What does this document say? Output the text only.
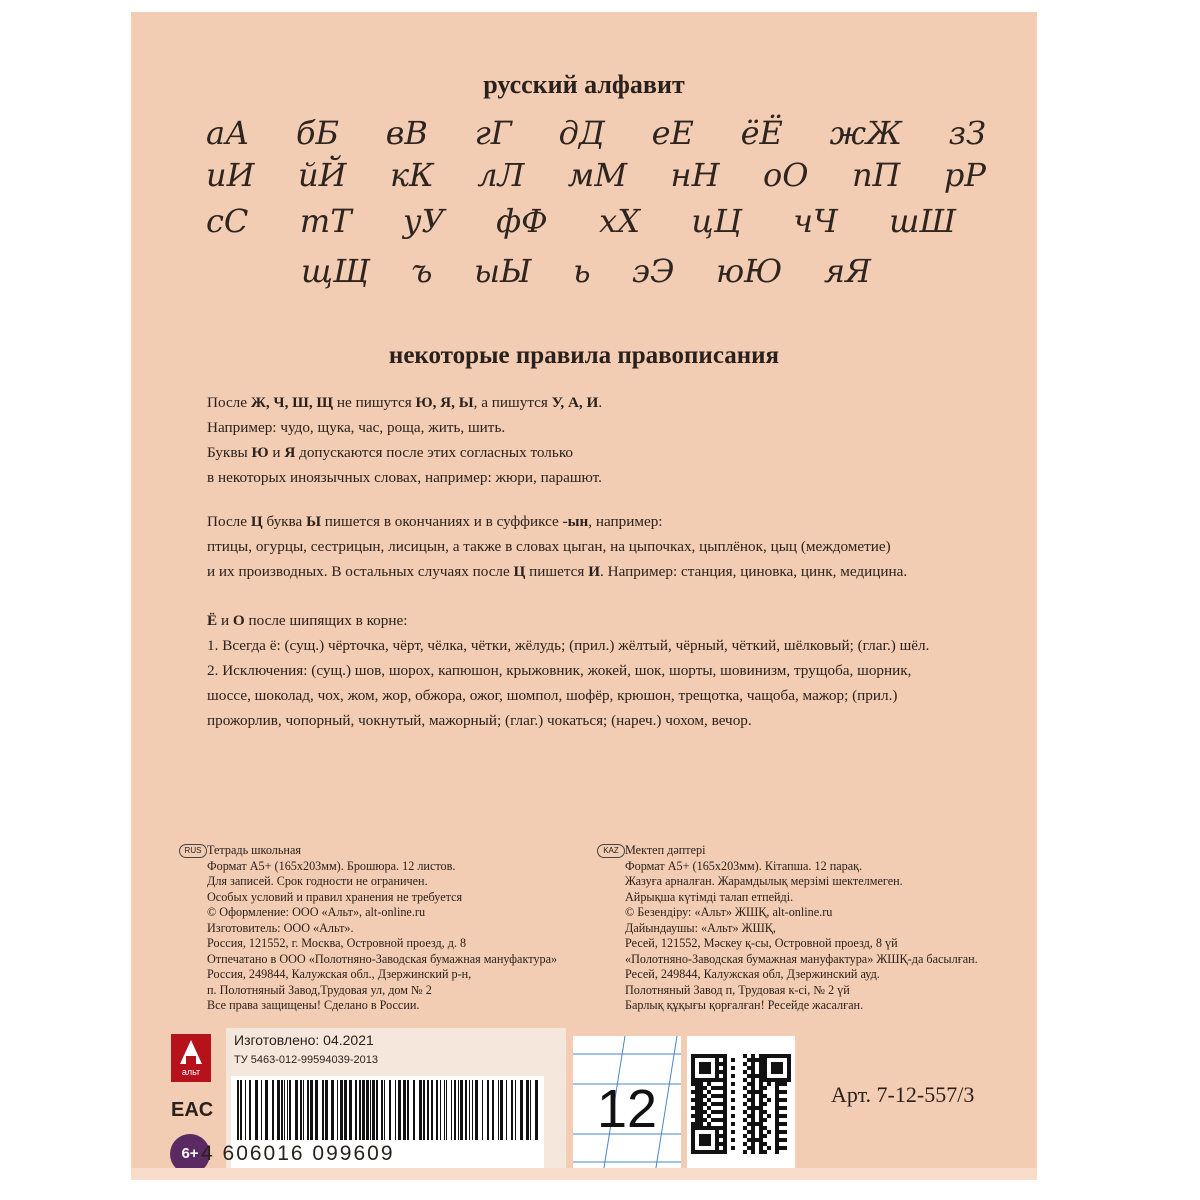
русский алфавит
аА бБ вВ гГ дД еЕ ёЁ жЖ зЗ
иИ йЙ кК лЛ мМ нН оО пП рР
сС тТ уУ фФ хХ цЦ чЧ шШ
щЩ ъ ыЫ ь эЭ юЮ яЯ
некоторые правила правописания
После Ж, Ч, Ш, Щ не пишутся Ю, Я, Ы, а пишутся У, А, И.
Например: чудо, щука, час, роща, жить, шить.
Буквы Ю и Я допускаются после этих согласных только
в некоторых иноязычных словах, например: жюри, парашют.
После Ц буква Ы пишется в окончаниях и в суффиксе -ын, например:
птицы, огурцы, сестрицын, лисицын, а также в словах цыган, на цыпочках, цыплёнок, цыц (междометие)
и их производных. В остальных случаях после Ц пишется И. Например: станция, циновка, цинк, медицина.
Ё и О после шипящих в корне:
1. Всегда ё: (сущ.) чёрточка, чёрт, чёлка, чётки, жёлудь; (прил.) жёлтый, чёрный, чёткий, шёлковый; (глаг.) шёл.
2. Исключения: (сущ.) шов, шорох, капюшон, крыжовник, жокей, шок, шорты, шовинизм, трущоба, шорник,
шоссе, шоколад, чох, жом, жор, обжора, ожог, шомпол, шофёр, крюшон, трещотка, чащоба, мажор; (прил.)
прожорлив, чопорный, чокнутый, мажорный; (глаг.) чокаться; (нареч.) чохом, вечор.
RUS Тетрадь школьная
Формат А5+ (165х203мм). Брошюра. 12 листов.
Для записей. Срок годности не ограничен.
Особых условий и правил хранения не требуется
© Оформление: ООО «Альт», alt-online.ru
Изготовитель: ООО «Альт».
Россия, 121552, г. Москва, Островной проезд, д. 8
Отпечатано в ООО «Полотняно-Заводская бумажная мануфактура»
Россия, 249844, Калужская обл., Дзержинский р-н,
п. Полотняный Завод,Трудовая ул, дом № 2
Все права защищены! Сделано в России.
KAZ Мектеп дәптері
Формат А5+ (165х203мм). Кітапша. 12 парақ.
Жазуға арналған. Жарамдылық мерзімі шектелмеген.
Айрықша күтімді талап етпейді.
© Безендіру: «Альт» ЖШҚ, alt-online.ru
Дайындаушы: «Альт» ЖШҚ,
Ресей, 121552, Мәскеу қ-сы, Островной проезд, 8 үй
«Полотняно-Заводская бумажная мануфактура» ЖШҚ-да басылған.
Ресей, 249844, Калужская обл, Дзержинский ауд.
Полотняный Завод п, Трудовая к-сі, № 2 үй
Барлық құқығы қорғалған! Ресейде жасалған.
альт
EAC
6+
Изготовлено: 04.2021
ТУ 5463-012-99594039-2013
4 606016 099609
12	Арт. 7-12-557/3
